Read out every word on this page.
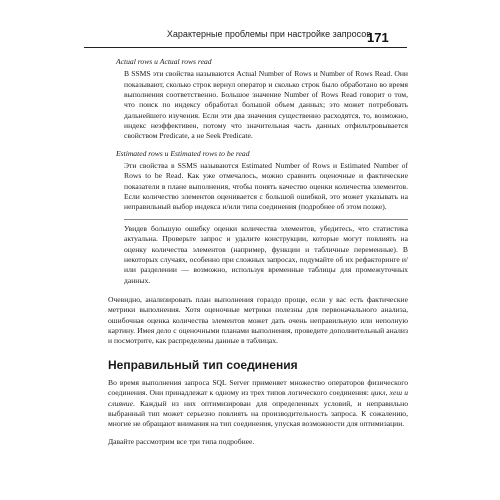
Характерные проблемы при настройке запросов
171
Actual rows и Actual rows read

В SSMS эти свойства называются Actual Number of Rows и Number of Rows Read. Они показывают, сколько строк вернул оператор и сколько строк было обработано во время выполнения соответственно. Большое значение Number of Rows Read говорит о том, что поиск по индексу обработал большой объем данных; это может потребовать дальнейшего изучения. Если эти два значения существенно расходятся, то, возможно, индекс неэффективен, потому что значительная часть данных отфильтровывается свойством Predicate, а не Seek Predicate.

Estimated rows и Estimated rows to be read

Эти свойства в SSMS называются Estimated Number of Rows и Estimated Number of Rows to be Read. Как уже отмечалось, можно сравнить оценочные и фактические показатели в плане выполнения, чтобы понять качество оценки количества элементов. Если количество элементов оценивается с большой ошибкой, это может указывать на неправильный выбор индекса и/или типа соединения (подробнее об этом позже).

Увидев большую ошибку оценки количества элементов, убедитесь, что статистика актуальна. Проверьте запрос и удалите конструкции, которые могут повлиять на оценку количества элементов (например, функции и табличные переменные). В некоторых случаях, особенно при сложных запросах, подумайте об их рефакторинге и/или разделении — возможно, используя временные таблицы для промежуточных данных.

Очевидно, анализировать план выполнения гораздо проще, если у вас есть фактические метрики выполнения. Хотя оценочные метрики полезны для первоначального анализа, ошибочная оценка количества элементов может дать очень неправильную или неполную картину. Имея дело с оценочными планами выполнения, проведите дополнительный анализ и посмотрите, как распределены данные в таблицах.

Неправильный тип соединения

Во время выполнения запроса SQL Server применяет множество операторов физического соединения. Они принадлежат к одному из трех типов логического соединения: цикл, хеш и слияние. Каждый из них оптимизирован для определенных условий, и неправильно выбранный тип может серьезно повлиять на производительность запроса. К сожалению, многие не обращают внимания на тип соединения, упуская возможности для оптимизации.

Давайте рассмотрим все три типа подробнее.
